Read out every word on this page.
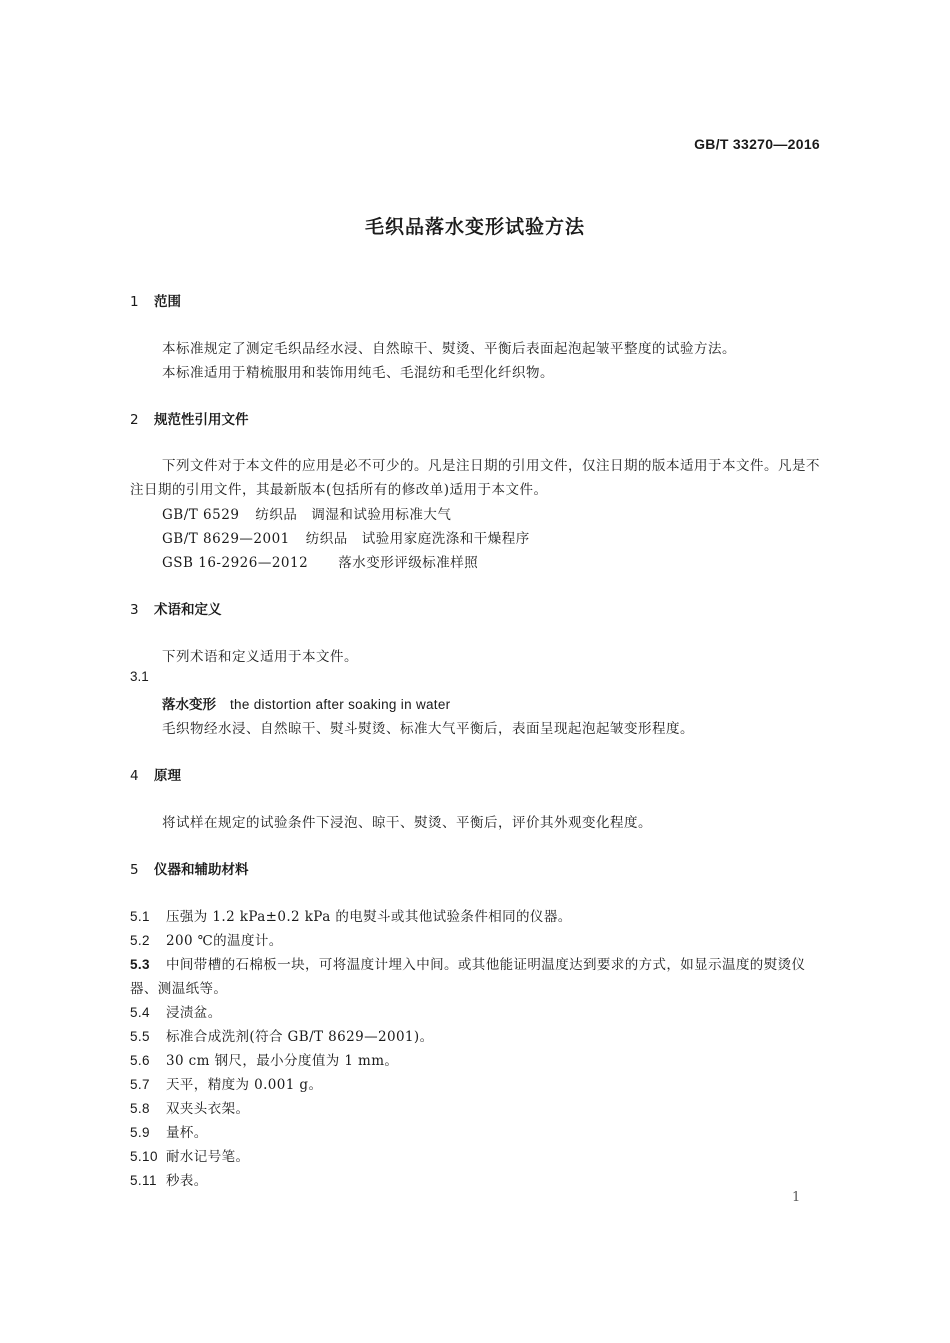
GB/T 33270—2016
毛织品落水变形试验方法
1 范围
本标准规定了测定毛织品经水浸、自然晾干、熨烫、平衡后表面起泡起皱平整度的试验方法。
本标准适用于精梳服用和装饰用纯毛、毛混纺和毛型化纤织物。
2 规范性引用文件
下列文件对于本文件的应用是必不可少的。凡是注日期的引用文件，仅注日期的版本适用于本文件。凡是不注日期的引用文件，其最新版本(包括所有的修改单)适用于本文件。
GB/T 6529 纺织品 调湿和试验用标准大气
GB/T 8629—2001 纺织品 试验用家庭洗涤和干燥程序
GSB 16-2926—2012 落水变形评级标准样照
3 术语和定义
下列术语和定义适用于本文件。
3.1
落水变形 the distortion after soaking in water
毛织物经水浸、自然晾干、熨斗熨烫、标准大气平衡后，表面呈现起泡起皱变形程度。
4 原理
将试样在规定的试验条件下浸泡、晾干、熨烫、平衡后，评价其外观变化程度。
5 仪器和辅助材料
5.1 压强为 1.2 kPa±0.2 kPa 的电熨斗或其他试验条件相同的仪器。
5.2 200 ℃的温度计。
5.3 中间带槽的石棉板一块，可将温度计埋入中间。或其他能证明温度达到要求的方式，如显示温度的熨烫仪器、测温纸等。
5.4 浸渍盆。
5.5 标准合成洗剂(符合 GB/T 8629—2001)。
5.6 30 cm 钢尺，最小分度值为 1 mm。
5.7 天平，精度为 0.001 g。
5.8 双夹头衣架。
5.9 量杯。
5.10 耐水记号笔。
5.11 秒表。
1
